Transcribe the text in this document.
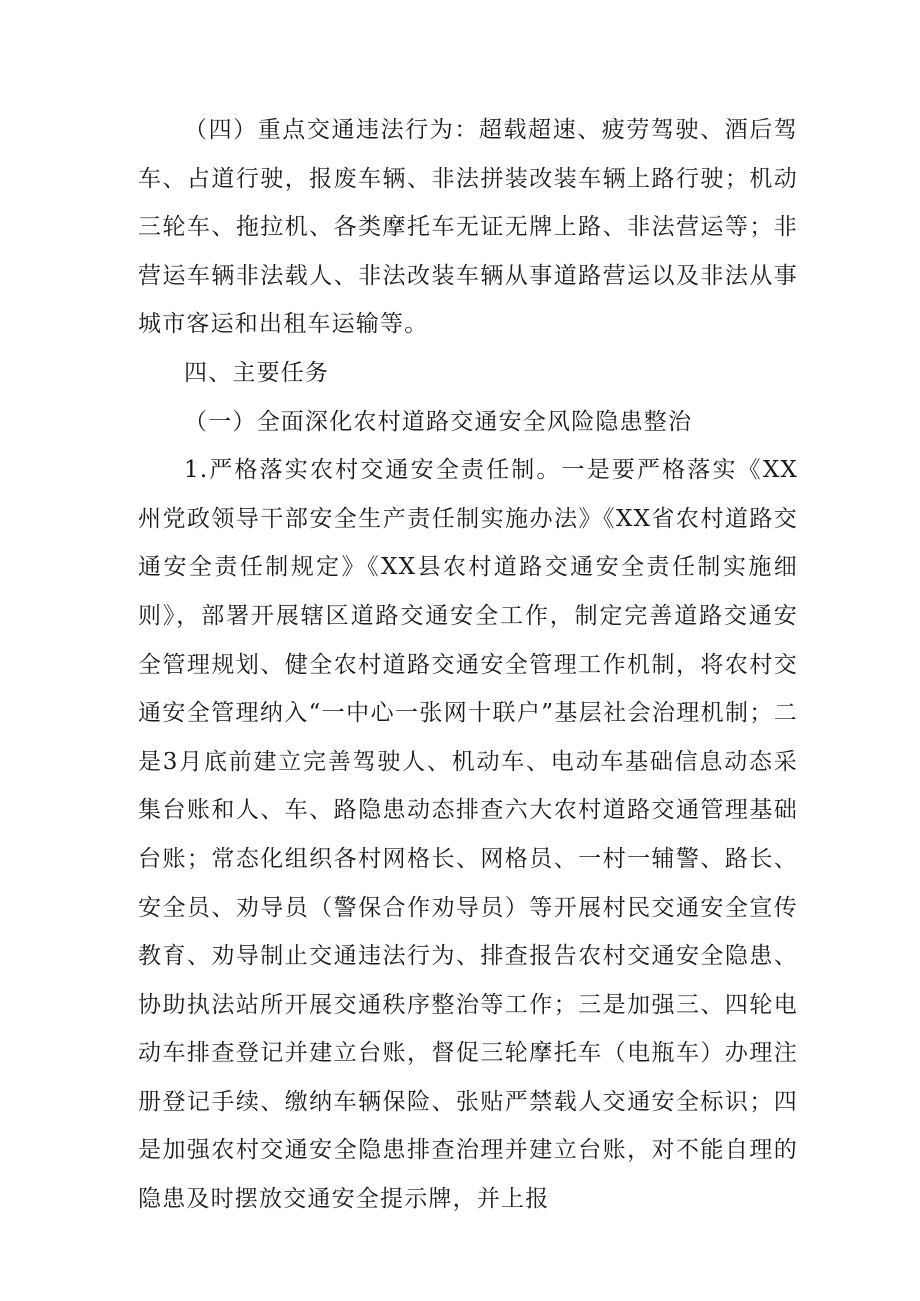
（四）重点交通违法行为：超载超速、疲劳驾驶、酒后驾车、占道行驶，报废车辆、非法拼装改装车辆上路行驶；机动三轮车、拖拉机、各类摩托车无证无牌上路、非法营运等；非营运车辆非法载人、非法改装车辆从事道路营运以及非法从事城市客运和出租车运输等。

四、主要任务

（一）全面深化农村道路交通安全风险隐患整治

1.严格落实农村交通安全责任制。一是要严格落实《XX州党政领导干部安全生产责任制实施办法》《XX省农村道路交通安全责任制规定》《XX县农村道路交通安全责任制实施细则》，部署开展辖区道路交通安全工作，制定完善道路交通安全管理规划、健全农村道路交通安全管理工作机制，将农村交通安全管理纳入“一中心一张网十联户”基层社会治理机制；二是3月底前建立完善驾驶人、机动车、电动车基础信息动态采集台账和人、车、路隐患动态排查六大农村道路交通管理基础台账；常态化组织各村网格长、网格员、一村一辅警、路长、安全员、劝导员（警保合作劝导员）等开展村民交通安全宣传教育、劝导制止交通违法行为、排查报告农村交通安全隐患、协助执法站所开展交通秩序整治等工作；三是加强三、四轮电动车排查登记并建立台账，督促三轮摩托车（电瓶车）办理注册登记手续、缴纳车辆保险、张贴严禁载人交通安全标识；四是加强农村交通安全隐患排查治理并建立台账，对不能自理的隐患及时摆放交通安全提示牌，并上报
